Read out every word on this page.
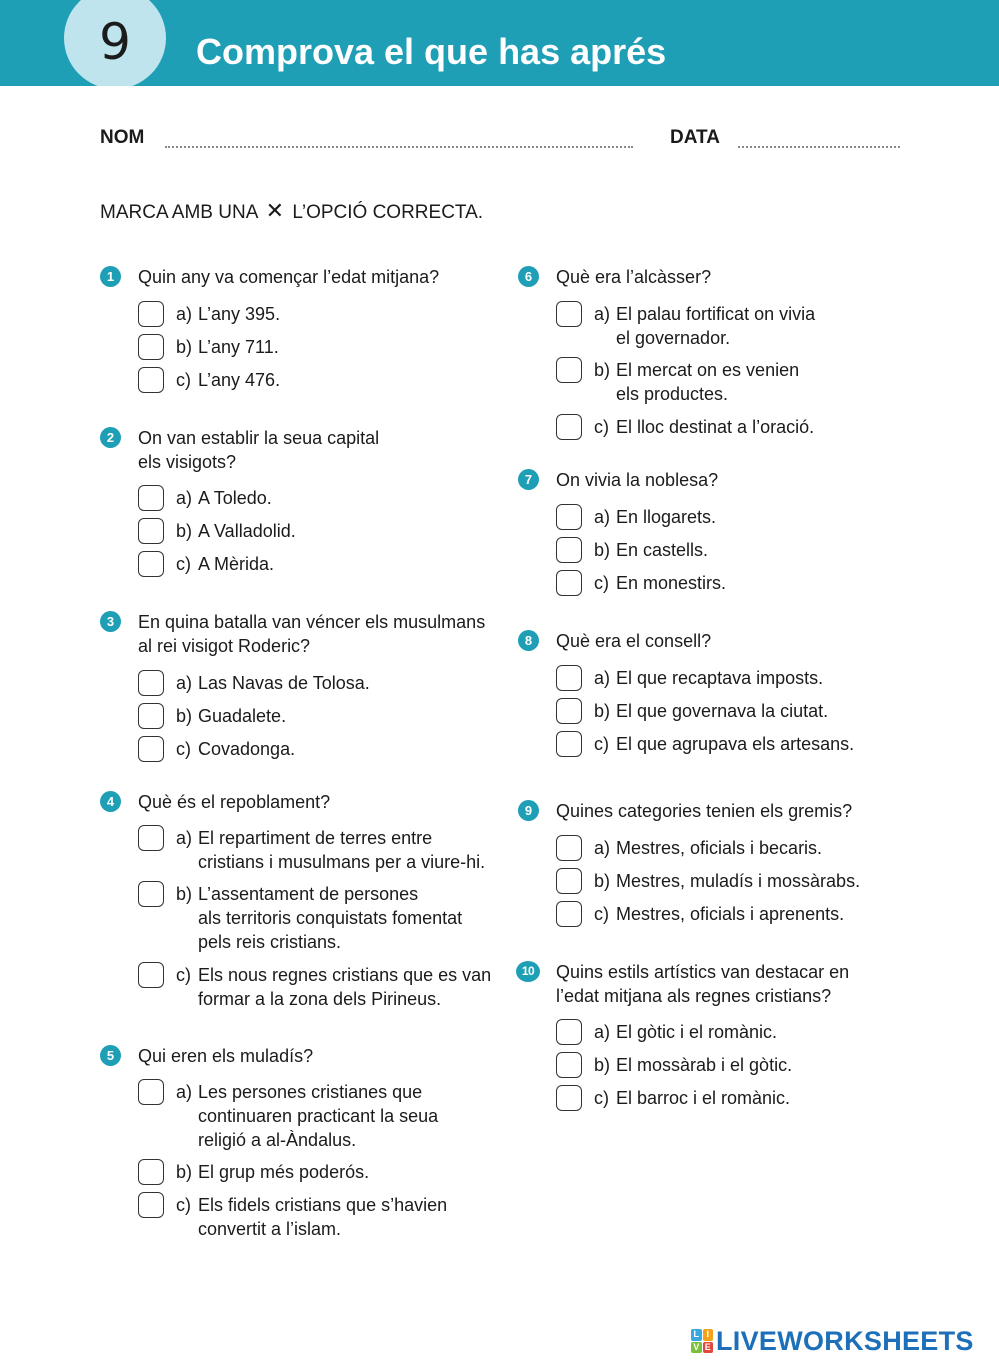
9	Comprova el que has aprés
NOM	DATA
MARCA AMB UNA ✕ L’OPCIÓ CORRECTA.
1	Quin any va començar l’edat mitjana?
a) L’any 395.
b) L’any 711.
c) L’any 476.
2	On van establir la seua capital
els visigots?
a) A Toledo.
b) A Valladolid.
c) A Mèrida.
3	En quina batalla van véncer els musulmans
al rei visigot Roderic?
a) Las Navas de Tolosa.
b) Guadalete.
c) Covadonga.
4	Què és el repoblament?
a) El repartiment de terres entre
cristians i musulmans per a viure-hi.
b) L’assentament de persones
als territoris conquistats fomentat
pels reis cristians.
c) Els nous regnes cristians que es van
formar a la zona dels Pirineus.
5	Qui eren els muladís?
a) Les persones cristianes que
continuaren practicant la seua
religió a al-Àndalus.
b) El grup més poderós.
c) Els fidels cristians que s’havien
convertit a l’islam.
6	Què era l’alcàsser?
a) El palau fortificat on vivia
el governador.
b) El mercat on es venien
els productes.
c) El lloc destinat a l’oració.
7	On vivia la noblesa?
a) En llogarets.
b) En castells.
c) En monestirs.
8	Què era el consell?
a) El que recaptava imposts.
b) El que governava la ciutat.
c) El que agrupava els artesans.
9	Quines categories tenien els gremis?
a) Mestres, oficials i becaris.
b) Mestres, muladís i mossàrabs.
c) Mestres, oficials i aprenents.
10	Quins estils artístics van destacar en
l’edat mitjana als regnes cristians?
a) El gòtic i el romànic.
b) El mossàrab i el gòtic.
c) El barroc i el romànic.
L I
V E LIVEWORKSHEETS
